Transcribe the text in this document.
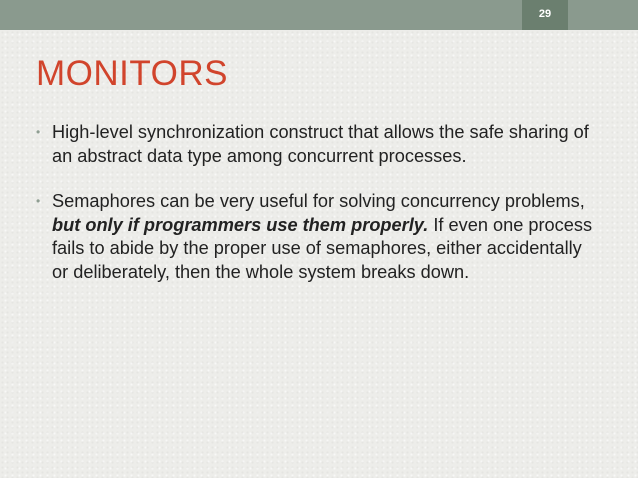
29
MONITORS
• High-level synchronization construct that allows the safe sharing of an abstract data type among concurrent processes.
• Semaphores can be very useful for solving concurrency problems, but only if programmers use them properly. If even one process fails to abide by the proper use of semaphores, either accidentally or deliberately, then the whole system breaks down.
